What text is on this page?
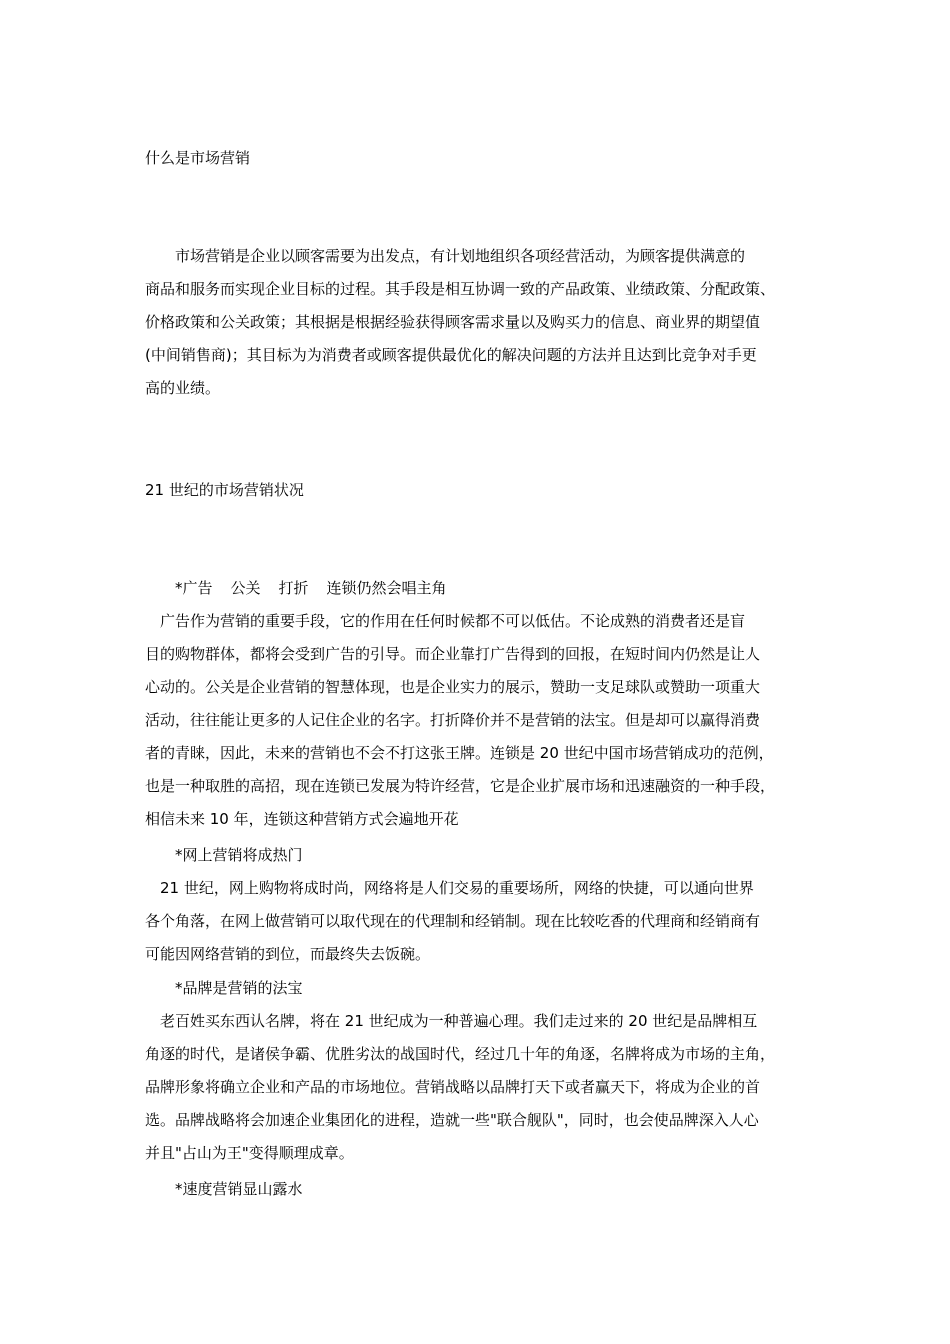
什么是市场营销
　　市场营销是企业以顾客需要为出发点，有计划地组织各项经营活动，为顾客提供满意的
商品和服务而实现企业目标的过程。其手段是相互协调一致的产品政策、业绩政策、分配政策、
价格政策和公关政策；其根据是根据经验获得顾客需求量以及购买力的信息、商业界的期望值
(中间销售商)；其目标为为消费者或顾客提供最优化的解决问题的方法并且达到比竞争对手更
高的业绩。
21 世纪的市场营销状况
*广告 公关 打折 连锁仍然会唱主角
　广告作为营销的重要手段，它的作用在任何时候都不可以低估。不论成熟的消费者还是盲
目的购物群体，都将会受到广告的引导。而企业靠打广告得到的回报，在短时间内仍然是让人
心动的。公关是企业营销的智慧体现，也是企业实力的展示，赞助一支足球队或赞助一项重大
活动，往往能让更多的人记住企业的名字。打折降价并不是营销的法宝。但是却可以赢得消费
者的青睐，因此，未来的营销也不会不打这张王牌。连锁是 20 世纪中国市场营销成功的范例，
也是一种取胜的高招，现在连锁已发展为特许经营，它是企业扩展市场和迅速融资的一种手段，
相信未来 10 年，连锁这种营销方式会遍地开花
*网上营销将成热门
　21 世纪，网上购物将成时尚，网络将是人们交易的重要场所，网络的快捷，可以通向世界
各个角落，在网上做营销可以取代现在的代理制和经销制。现在比较吃香的代理商和经销商有
可能因网络营销的到位，而最终失去饭碗。
*品牌是营销的法宝
　老百姓买东西认名牌，将在 21 世纪成为一种普遍心理。我们走过来的 20 世纪是品牌相互
角逐的时代，是诸侯争霸、优胜劣汰的战国时代，经过几十年的角逐，名牌将成为市场的主角，
品牌形象将确立企业和产品的市场地位。营销战略以品牌打天下或者赢天下，将成为企业的首
选。品牌战略将会加速企业集团化的进程，造就一些"联合舰队"，同时，也会使品牌深入人心
并且"占山为王"变得顺理成章。
*速度营销显山露水
